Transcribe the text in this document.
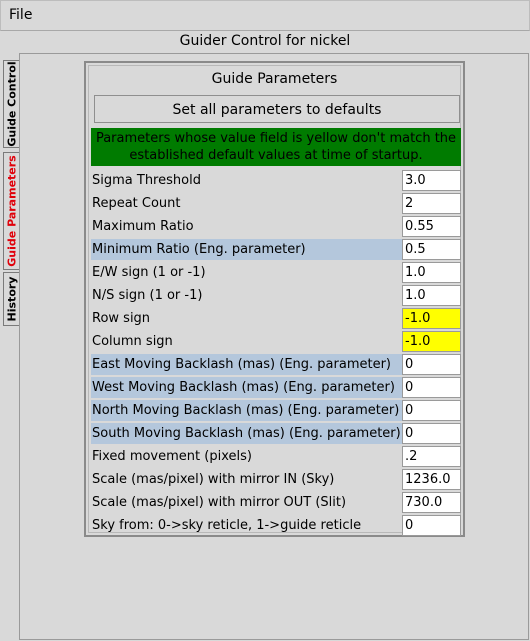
File
Guider Control for nickel
Guide Control
Guide Parameters
History
Guide Parameters
Set all parameters to defaults
Parameters whose value field is yellow don't match the
established default values at time of startup.
Sigma Threshold
3.0
Repeat Count
2
Maximum Ratio
0.55
Minimum Ratio (Eng. parameter)
0.5
E/W sign (1 or -1)
1.0
N/S sign (1 or -1)
1.0
Row sign
-1.0
Column sign
-1.0
East Moving Backlash (mas) (Eng. parameter)
0
West Moving Backlash (mas) (Eng. parameter)
0
North Moving Backlash (mas) (Eng. parameter)
0
South Moving Backlash (mas) (Eng. parameter)
0
Fixed movement (pixels)
.2
Scale (mas/pixel) with mirror IN (Sky)
1236.0
Scale (mas/pixel) with mirror OUT (Slit)
730.0
Sky from: 0->sky reticle, 1->guide reticle
0
